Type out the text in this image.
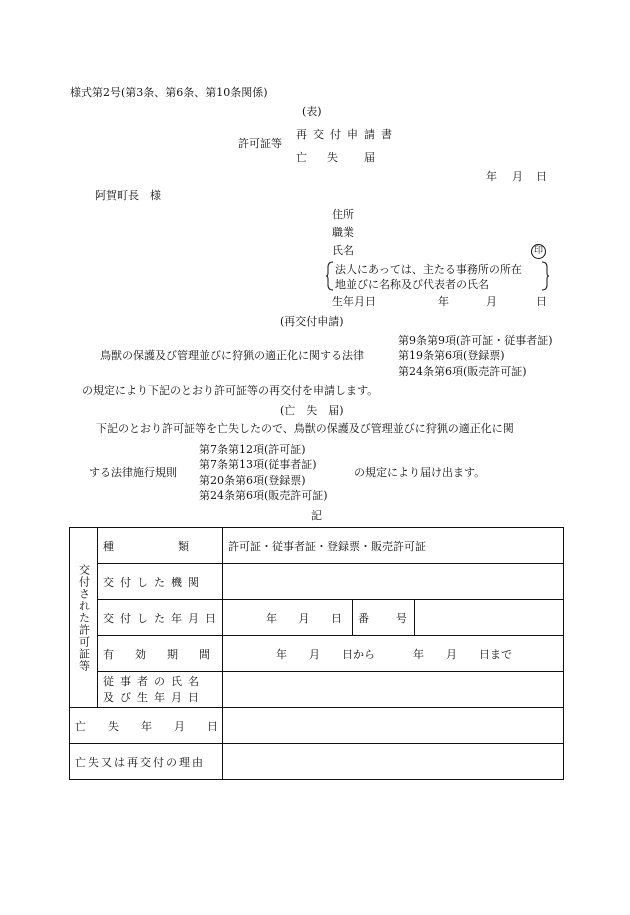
様式第2号(第3条、第6条、第10条関係)
(表)
許可証等
再交付申請書
亡 失 届
年 月 日
阿賀町長　様
住所
職業
氏名	印
法人にあっては、主たる事務所の所在
地並びに名称及び代表者の氏名
生年月日	年	月	日
(再交付申請)
鳥獣の保護及び管理並びに狩猟の適正化に関する法律
第9条第9項(許可証・従事者証)
第19条第6項(登録票)
第24条第6項(販売許可証)
の規定により下記のとおり許可証等の再交付を申請します。
(亡　失　届)
下記のとおり許可証等を亡失したので、鳥獣の保護及び管理並びに狩猟の適正化に関
する法律施行規則
第7条第12項(許可証)
第7条第13項(従事者証)
第20条第6項(登録票)
第24条第6項(販売許可証)
の規定により届け出ます。
記
交付された許可証等	種類	許可証・従事者証・登録票・販売許可証		
	交付した機関			
	交付した年月日	年 月 日	番　号	

有効期間	年　　月　　日から 年　　月　　日まで		

	従事者の氏名
及び生年月日			

亡失年月日				

亡失又は再交付の理由				
